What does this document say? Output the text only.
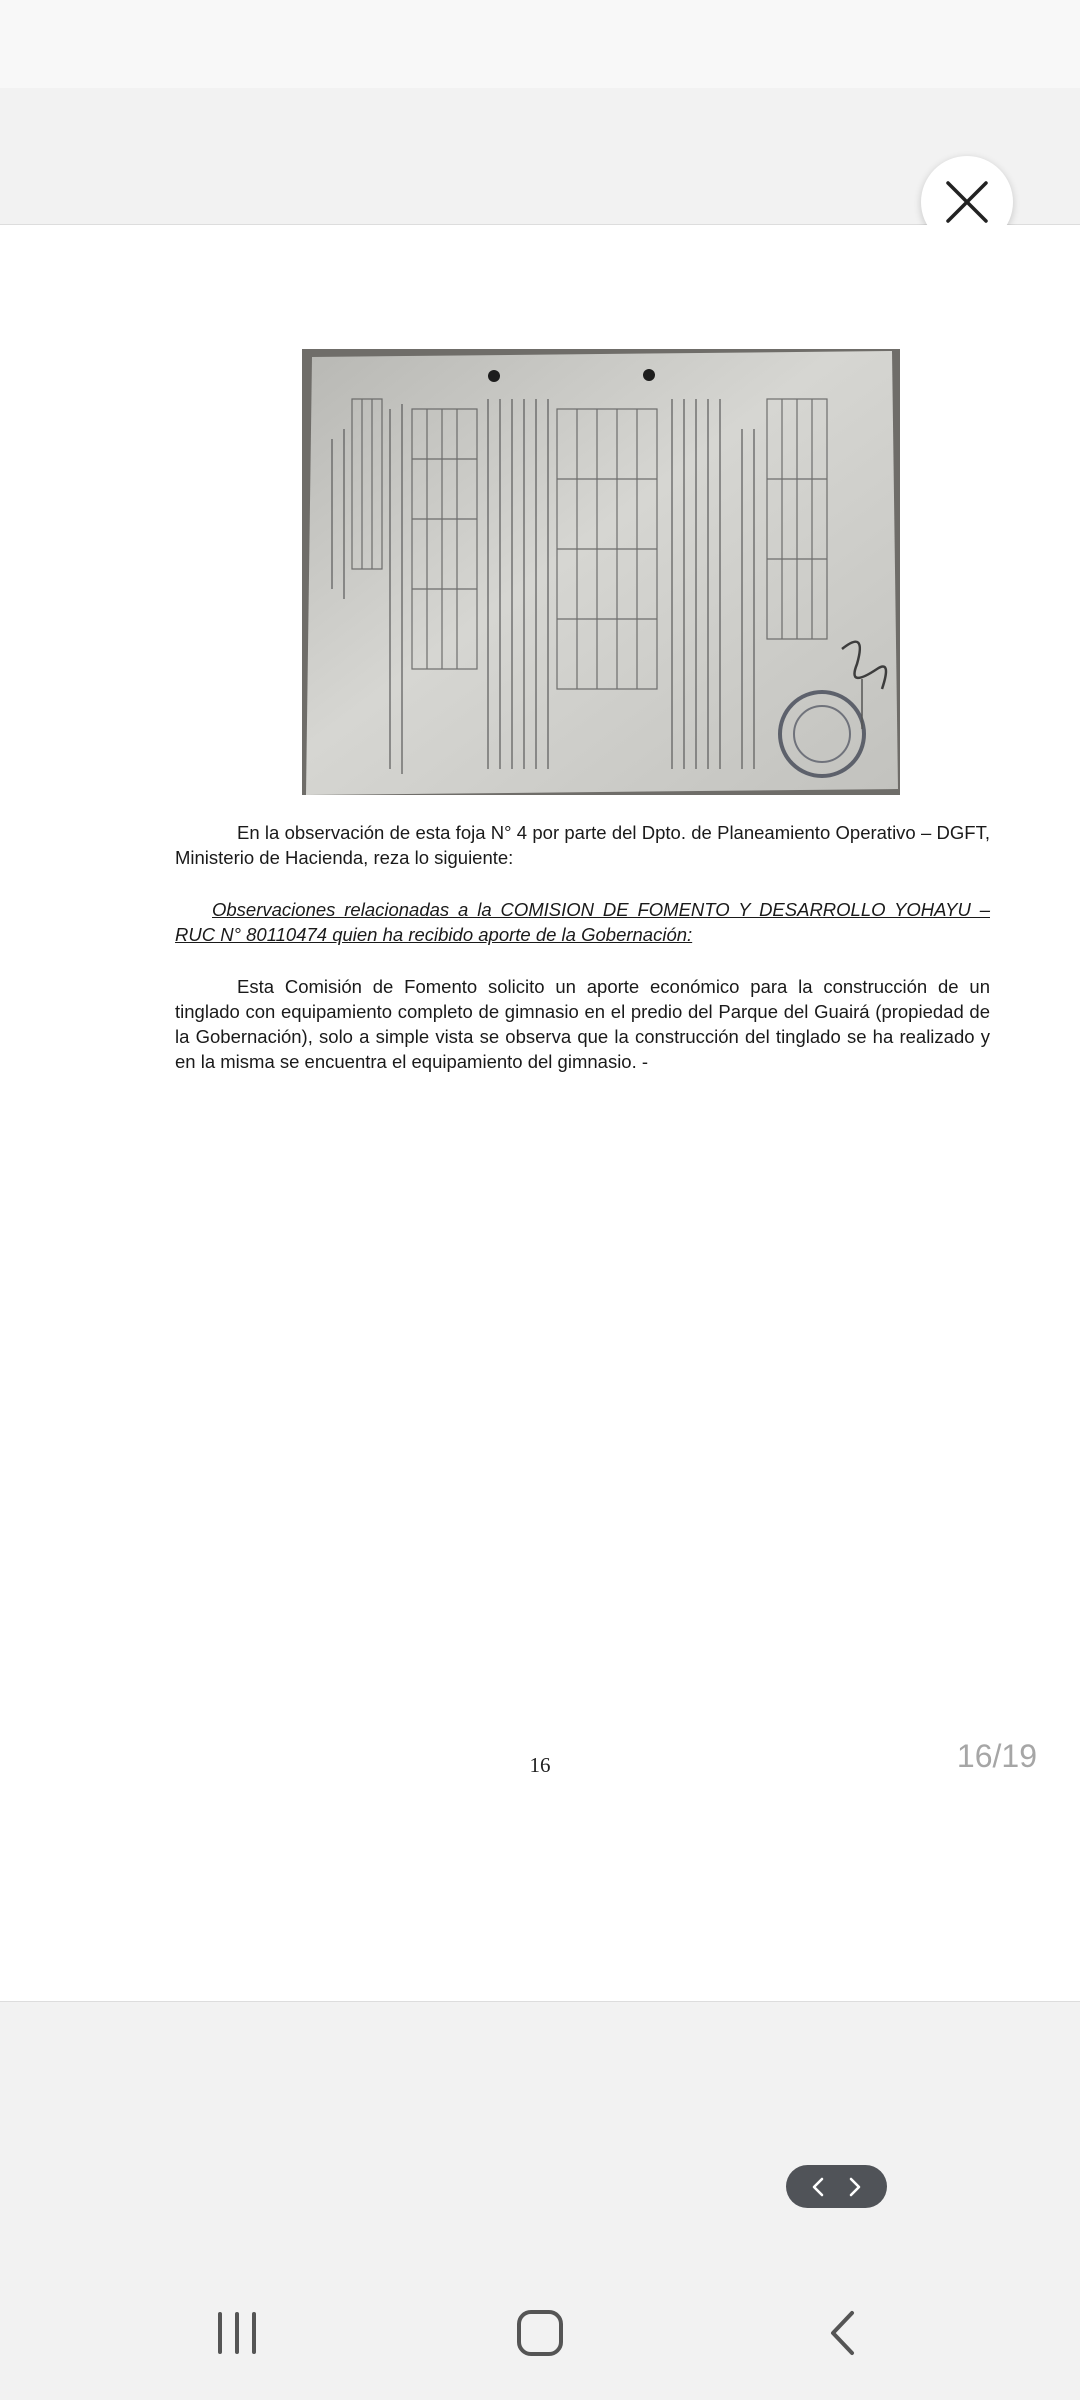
En la observación de esta foja N° 4 por parte del Dpto. de Planeamiento Operativo – DGFT, Ministerio de Hacienda, reza lo siguiente:

Observaciones relacionadas a la COMISION DE FOMENTO Y DESARROLLO YOHAYU – RUC N° 80110474 quien ha recibido aporte de la Gobernación:

Esta Comisión de Fomento solicito un aporte económico para la construcción de un tinglado con equipamiento completo de gimnasio en el predio del Parque del Guairá (propiedad de la Gobernación), solo a simple vista se observa que la construcción del tinglado se ha realizado y en la misma se encuentra el equipamiento del gimnasio. -

16	16/19
